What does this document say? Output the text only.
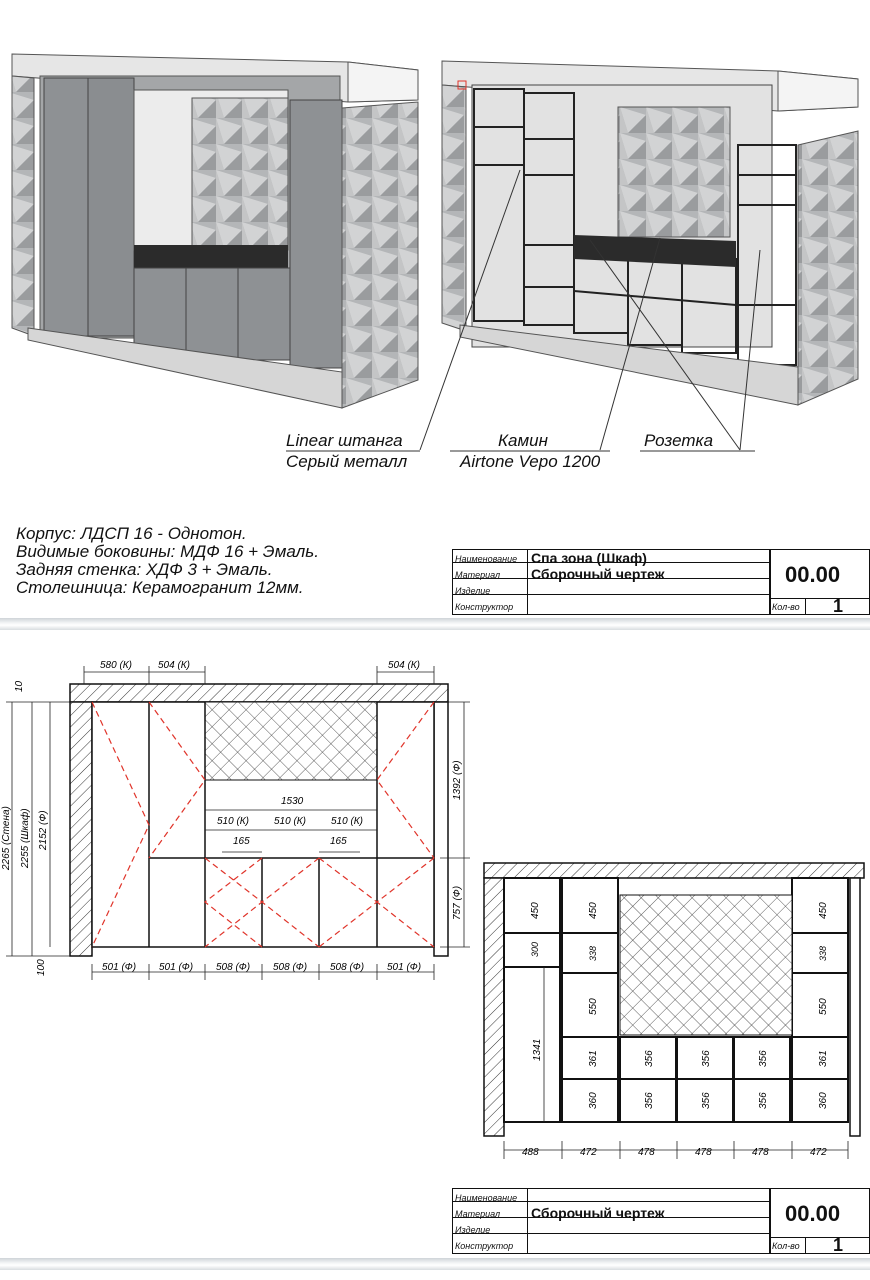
Linear штанга
Серый металл
Камин
Airtone Vepo 1200
Розетка
Корпус: ЛДСП 16 - Однотон.
Видимые боковины: МДФ 16 + Эмаль.
Задняя стенка: ХДФ 3 + Эмаль.
Столешница: Керамогранит 12мм.
Наименование Спа зона (Шкаф)
Материал Сборочный чертеж
Изделие
Конструктор
00.00
Кол-во 1
580 (К)	504 (К)	504 (К)
10
100
2265 (Стена) 2255 (Шкаф) 2152 (Ф)
1392 (Ф)
757 (Ф)
1530
510 (К) 510 (К) 510 (К)
165	165
501 (Ф) 501 (Ф) 508 (Ф) 508 (Ф) 508 (Ф) 501 (Ф)
488	472	478	478	478	472
450
300
1341
450
338
550
361
360
356
356
356
356
356
356
450
338
550
361
360
Наименование
Материал Сборочный чертеж
Изделие
Конструктор
00.00
Кол-во 1
